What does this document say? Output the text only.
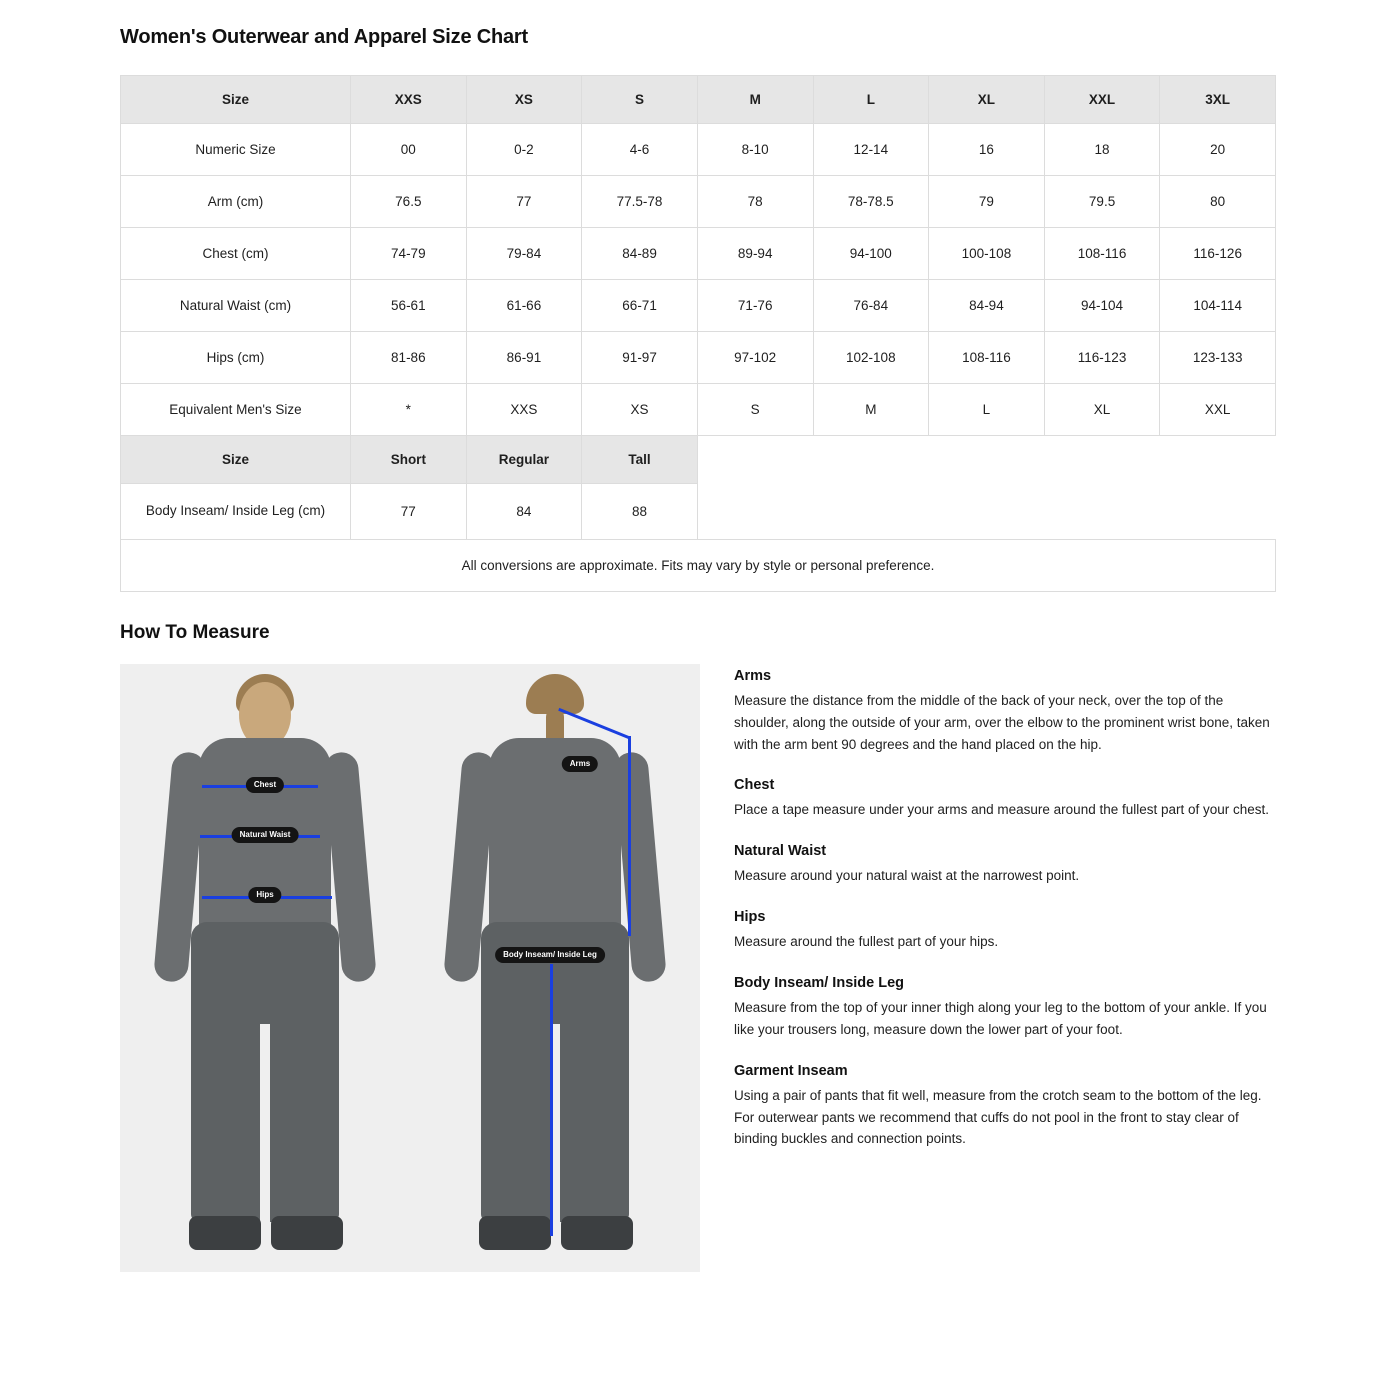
Women's Outerwear and Apparel Size Chart
Size	XXS	XS	S	M	L	XL	XXL	3XL
Numeric Size	00	0-2	4-6	8-10	12-14	16	18	20
Arm (cm)	76.5	77	77.5-78	78	78-78.5	79	79.5	80
Chest (cm)	74-79	79-84	84-89	89-94	94-100	100-108	108-116	116-126
Natural Waist (cm)	56-61	61-66	66-71	71-76	76-84	84-94	94-104	104-114
Hips (cm)	81-86	86-91	91-97	97-102	102-108	108-116	116-123	123-133
Equivalent Men's Size	*	XXS	XS	S	M	L	XL	XXL
Size	Short	Regular	Tall					
Body Inseam/ Inside Leg (cm)	77	84	88					
All conversions are approximate. Fits may vary by style or personal preference.								
How To Measure
Chest
Natural Waist
Hips
Arms
Body Inseam/ Inside Leg
Arms

Measure the distance from the middle of the back of your neck, over the top of the shoulder, along the outside of your arm, over the elbow to the prominent wrist bone, taken with the arm bent 90 degrees and the hand placed on the hip.

Chest

Place a tape measure under your arms and measure around the fullest part of your chest.

Natural Waist

Measure around your natural waist at the narrowest point.

Hips

Measure around the fullest part of your hips.

Body Inseam/ Inside Leg

Measure from the top of your inner thigh along your leg to the bottom of your ankle. If you like your trousers long, measure down the lower part of your foot.

Garment Inseam

Using a pair of pants that fit well, measure from the crotch seam to the bottom of the leg. For outerwear pants we recommend that cuffs do not pool in the front to stay clear of binding buckles and connection points.
